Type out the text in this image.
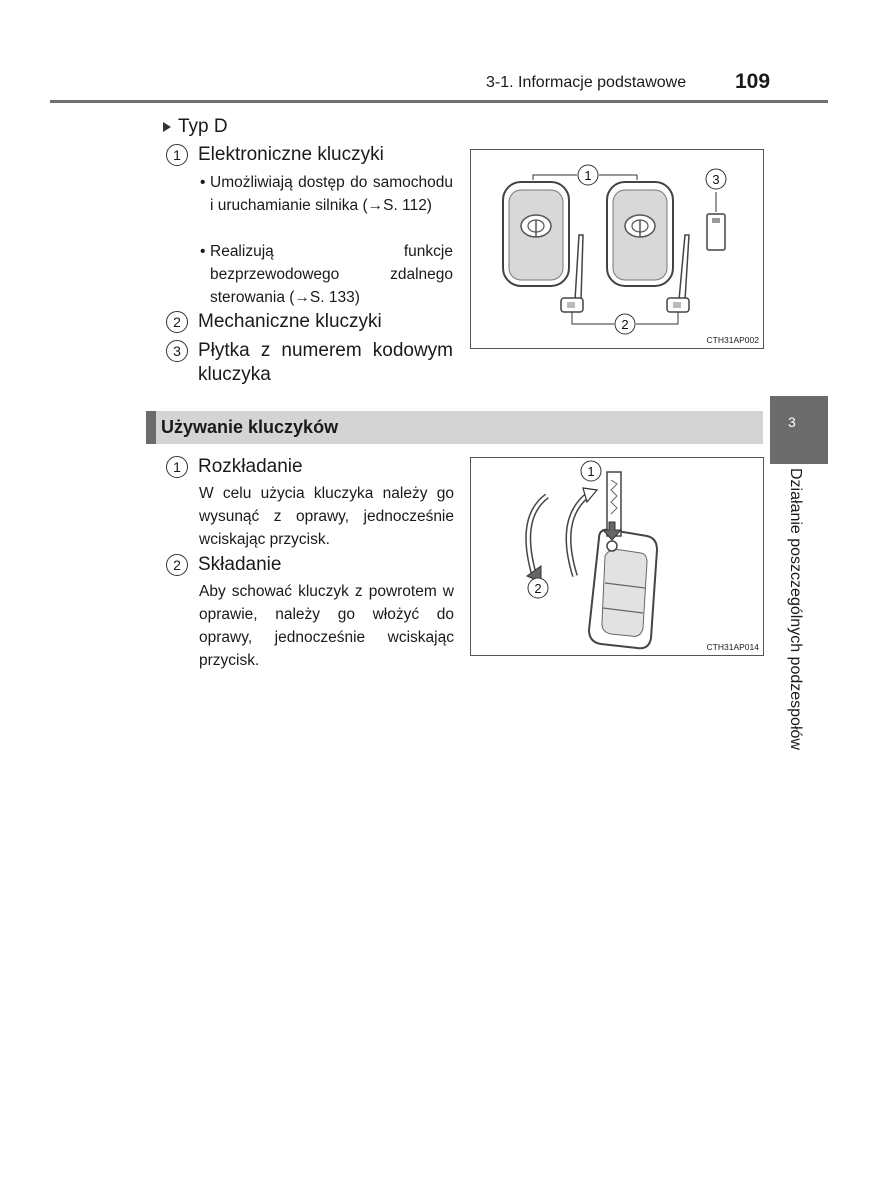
3-1. Informacje podstawowe 109
Typ D
1 Elektroniczne kluczyki
• Umożliwiają dostęp do samochodu i uruchamianie silnika (→S. 112)
• Realizują funkcje bezprzewodowego zdalnego sterowania (→S. 133)
2 Mechaniczne kluczyki
3 Płytka z numerem kodowym kluczyka
1
2
3
CTH31AP002
Używanie kluczyków
1 Rozkładanie
W celu użycia kluczyka należy go wysunąć z oprawy, jednocześnie wciskając przycisk.
2 Składanie
Aby schować kluczyk z powrotem w oprawie, należy go włożyć do oprawy, jednocześnie wciskając przycisk.
1
2
CTH31AP014
3
Działanie poszczególnych podzespołów
